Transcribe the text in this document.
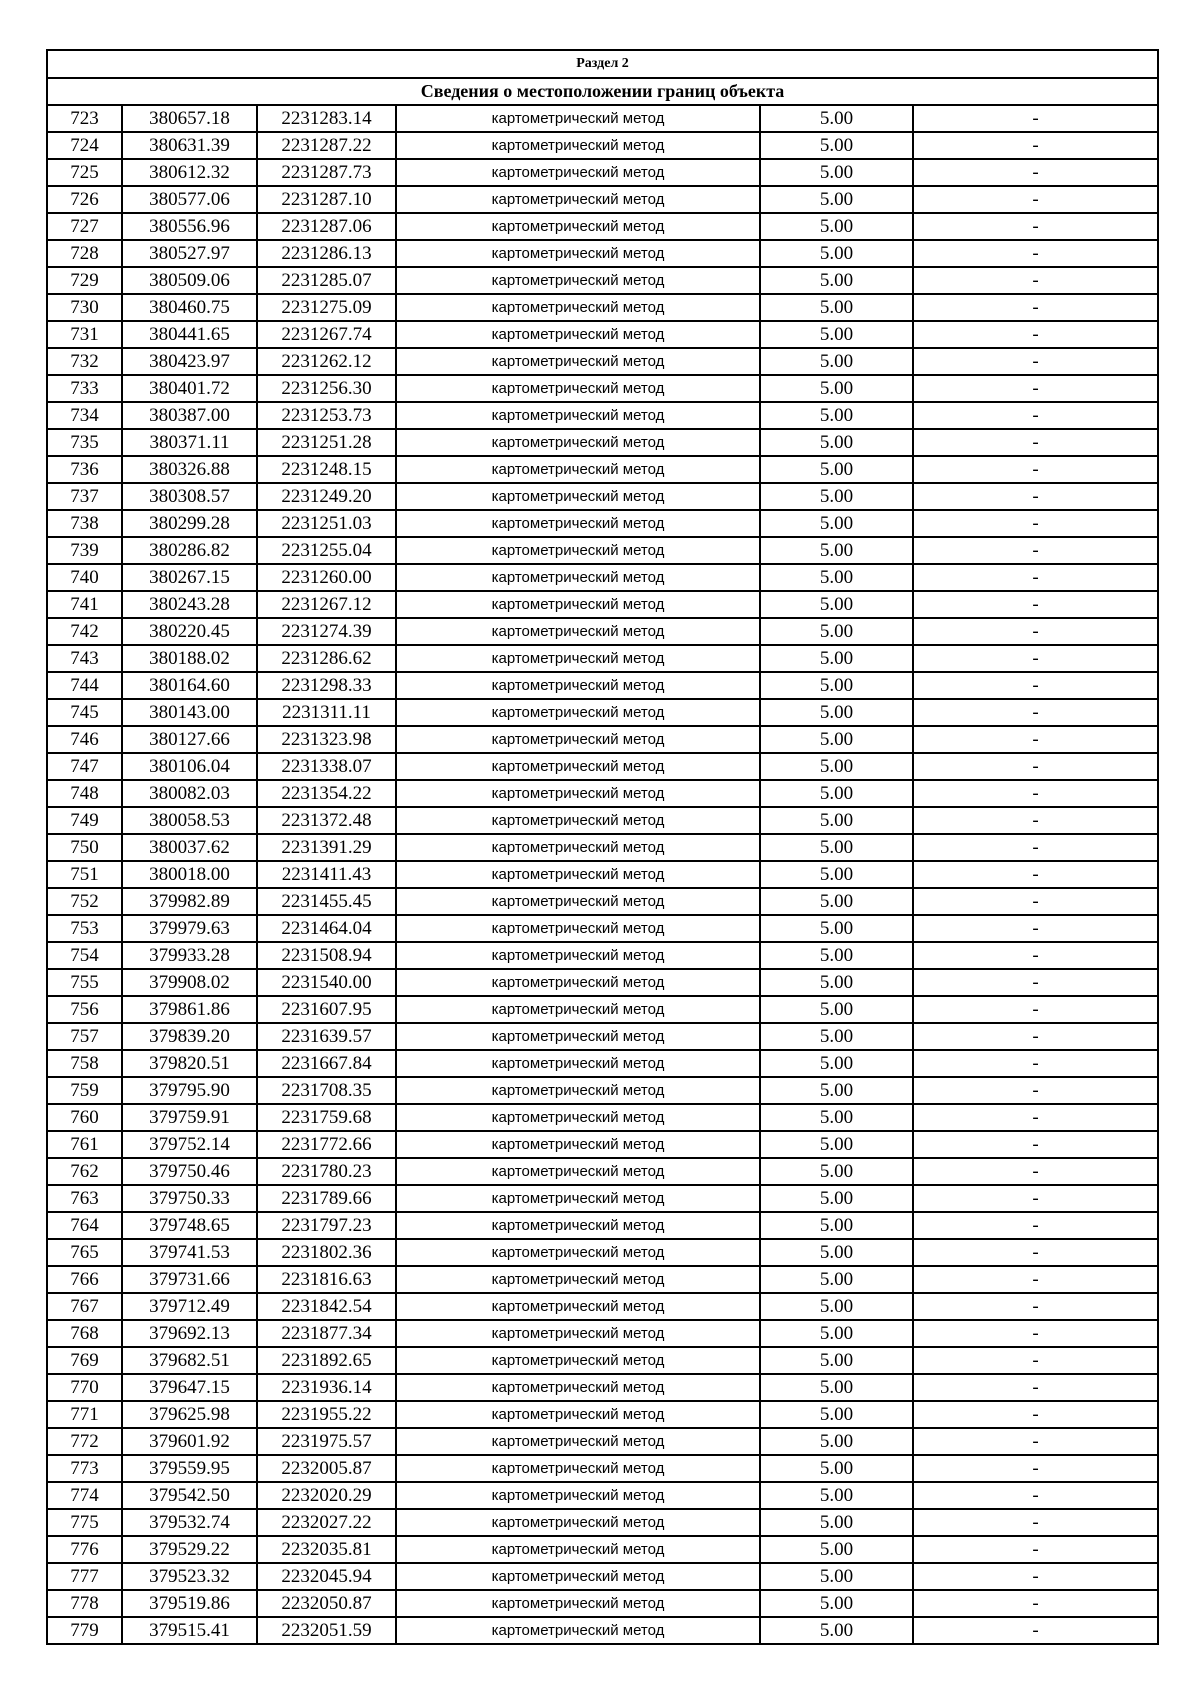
Раздел 2					
Сведения о местоположении границ объекта					
723	380657.18	2231283.14	картометрический метод	5.00	-
724	380631.39	2231287.22	картометрический метод	5.00	-
725	380612.32	2231287.73	картометрический метод	5.00	-
726	380577.06	2231287.10	картометрический метод	5.00	-
727	380556.96	2231287.06	картометрический метод	5.00	-
728	380527.97	2231286.13	картометрический метод	5.00	-
729	380509.06	2231285.07	картометрический метод	5.00	-
730	380460.75	2231275.09	картометрический метод	5.00	-
731	380441.65	2231267.74	картометрический метод	5.00	-
732	380423.97	2231262.12	картометрический метод	5.00	-
733	380401.72	2231256.30	картометрический метод	5.00	-
734	380387.00	2231253.73	картометрический метод	5.00	-
735	380371.11	2231251.28	картометрический метод	5.00	-
736	380326.88	2231248.15	картометрический метод	5.00	-
737	380308.57	2231249.20	картометрический метод	5.00	-
738	380299.28	2231251.03	картометрический метод	5.00	-
739	380286.82	2231255.04	картометрический метод	5.00	-
740	380267.15	2231260.00	картометрический метод	5.00	-
741	380243.28	2231267.12	картометрический метод	5.00	-
742	380220.45	2231274.39	картометрический метод	5.00	-
743	380188.02	2231286.62	картометрический метод	5.00	-
744	380164.60	2231298.33	картометрический метод	5.00	-
745	380143.00	2231311.11	картометрический метод	5.00	-
746	380127.66	2231323.98	картометрический метод	5.00	-
747	380106.04	2231338.07	картометрический метод	5.00	-
748	380082.03	2231354.22	картометрический метод	5.00	-
749	380058.53	2231372.48	картометрический метод	5.00	-
750	380037.62	2231391.29	картометрический метод	5.00	-
751	380018.00	2231411.43	картометрический метод	5.00	-
752	379982.89	2231455.45	картометрический метод	5.00	-
753	379979.63	2231464.04	картометрический метод	5.00	-
754	379933.28	2231508.94	картометрический метод	5.00	-
755	379908.02	2231540.00	картометрический метод	5.00	-
756	379861.86	2231607.95	картометрический метод	5.00	-
757	379839.20	2231639.57	картометрический метод	5.00	-
758	379820.51	2231667.84	картометрический метод	5.00	-
759	379795.90	2231708.35	картометрический метод	5.00	-
760	379759.91	2231759.68	картометрический метод	5.00	-
761	379752.14	2231772.66	картометрический метод	5.00	-
762	379750.46	2231780.23	картометрический метод	5.00	-
763	379750.33	2231789.66	картометрический метод	5.00	-
764	379748.65	2231797.23	картометрический метод	5.00	-
765	379741.53	2231802.36	картометрический метод	5.00	-
766	379731.66	2231816.63	картометрический метод	5.00	-
767	379712.49	2231842.54	картометрический метод	5.00	-
768	379692.13	2231877.34	картометрический метод	5.00	-
769	379682.51	2231892.65	картометрический метод	5.00	-
770	379647.15	2231936.14	картометрический метод	5.00	-
771	379625.98	2231955.22	картометрический метод	5.00	-
772	379601.92	2231975.57	картометрический метод	5.00	-
773	379559.95	2232005.87	картометрический метод	5.00	-
774	379542.50	2232020.29	картометрический метод	5.00	-
775	379532.74	2232027.22	картометрический метод	5.00	-
776	379529.22	2232035.81	картометрический метод	5.00	-
777	379523.32	2232045.94	картометрический метод	5.00	-
778	379519.86	2232050.87	картометрический метод	5.00	-
779	379515.41	2232051.59	картометрический метод	5.00	-
